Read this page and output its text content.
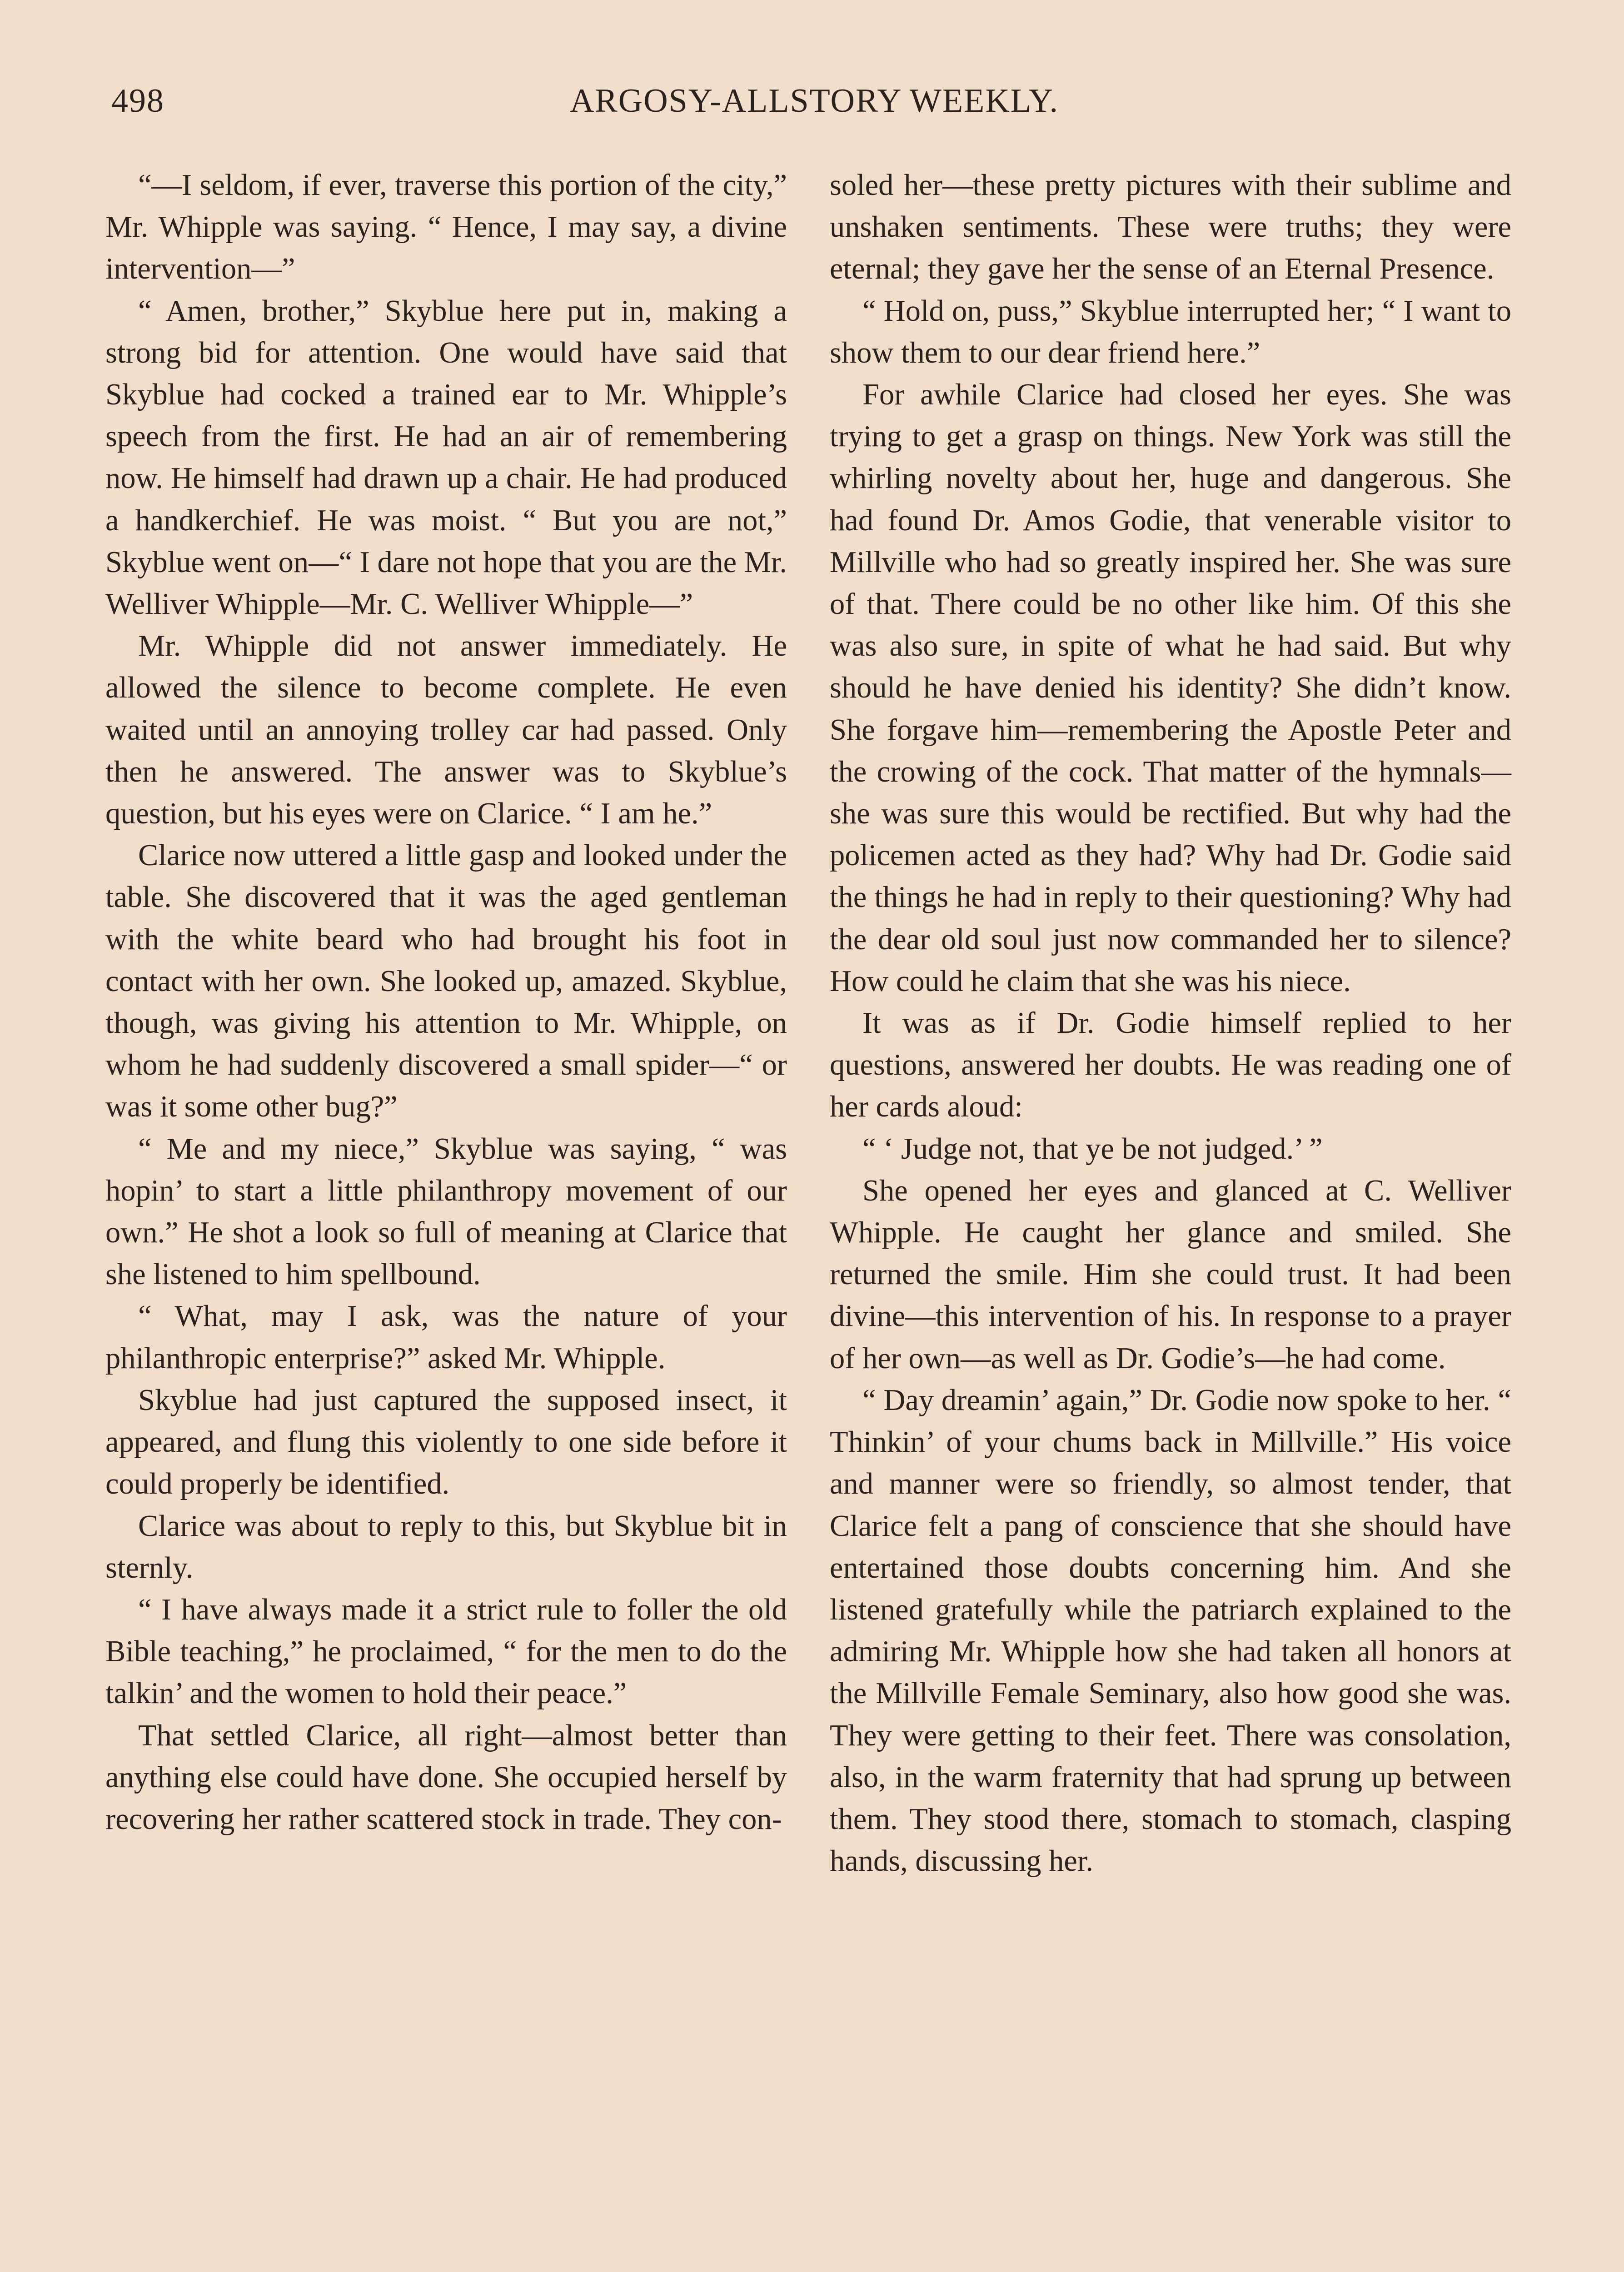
498	ARGOSY-ALLSTORY WEEKLY.

“—I seldom, if ever, traverse this portion of the city,” Mr. Whipple was saying. “ Hence, I may say, a divine intervention—”

“ Amen, brother,” Skyblue here put in, making a strong bid for attention. One would have said that Skyblue had cocked a trained ear to Mr. Whipple’s speech from the first. He had an air of remembering now. He himself had drawn up a chair. He had produced a handkerchief. He was moist. “ But you are not,” Skyblue went on—“ I dare not hope that you are the Mr. Welliver Whipple—Mr. C. Welliver Whipple—”

Mr. Whipple did not answer immediately. He allowed the silence to become complete. He even waited until an annoying trolley car had passed. Only then he answered. The answer was to Skyblue’s question, but his eyes were on Clarice. “ I am he.”

Clarice now uttered a little gasp and looked under the table. She discovered that it was the aged gentleman with the white beard who had brought his foot in contact with her own. She looked up, amazed. Skyblue, though, was giving his attention to Mr. Whipple, on whom he had suddenly discovered a small spider—“ or was it some other bug?”

“ Me and my niece,” Skyblue was saying, “ was hopin’ to start a little philanthropy movement of our own.” He shot a look so full of meaning at Clarice that she listened to him spellbound.

“ What, may I ask, was the nature of your philanthropic enterprise?” asked Mr. Whipple.

Skyblue had just captured the supposed insect, it appeared, and flung this violently to one side before it could properly be identified.

Clarice was about to reply to this, but Skyblue bit in sternly.

“ I have always made it a strict rule to foller the old Bible teaching,” he proclaimed, “ for the men to do the talkin’ and the women to hold their peace.”

That settled Clarice, all right—almost better than anything else could have done. She occupied herself by recovering her rather scattered stock in trade. They con-

soled her—these pretty pictures with their sublime and unshaken sentiments. These were truths; they were eternal; they gave her the sense of an Eternal Presence.

“ Hold on, puss,” Skyblue interrupted her; “ I want to show them to our dear friend here.”

For awhile Clarice had closed her eyes. She was trying to get a grasp on things. New York was still the whirling novelty about her, huge and dangerous. She had found Dr. Amos Godie, that venerable visitor to Millville who had so greatly inspired her. She was sure of that. There could be no other like him. Of this she was also sure, in spite of what he had said. But why should he have denied his identity? She didn’t know. She forgave him—remembering the Apostle Peter and the crowing of the cock. That matter of the hymnals—she was sure this would be rectified. But why had the policemen acted as they had? Why had Dr. Godie said the things he had in reply to their questioning? Why had the dear old soul just now commanded her to silence? How could he claim that she was his niece.

It was as if Dr. Godie himself replied to her questions, answered her doubts. He was reading one of her cards aloud:

“ ‘ Judge not, that ye be not judged.’ ”

She opened her eyes and glanced at C. Welliver Whipple. He caught her glance and smiled. She returned the smile. Him she could trust. It had been divine—this intervention of his. In response to a prayer of her own—as well as Dr. Godie’s—he had come.

“ Day dreamin’ again,” Dr. Godie now spoke to her. “ Thinkin’ of your chums back in Millville.” His voice and manner were so friendly, so almost tender, that Clarice felt a pang of conscience that she should have entertained those doubts concerning him. And she listened gratefully while the patriarch explained to the admiring Mr. Whipple how she had taken all honors at the Millville Female Seminary, also how good she was. They were getting to their feet. There was consolation, also, in the warm fraternity that had sprung up between them. They stood there, stomach to stomach, clasping hands, discussing her.
